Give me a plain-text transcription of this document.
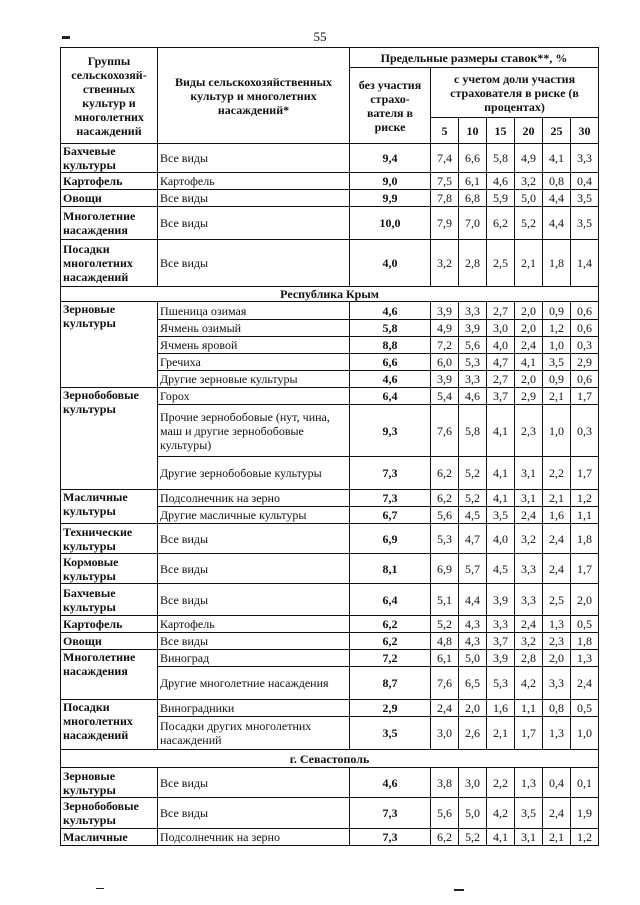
55
Группы сельскохозяй-ственных культур и многолетних насаждений	Виды сельскохозяйственных культур и многолетних насаждений*	Предельные размеры ставок**, %						
		без участия страхо-вателя в риске	с учетом доли участия страхователя в риске (в процентах)					
			5	10	15	20	25	30
Бахчевые культуры	Все виды	9,4	7,4	6,6	5,8	4,9	4,1	3,3
Картофель	Картофель	9,0	7,5	6,1	4,6	3,2	0,8	0,4
Овощи	Все виды	9,9	7,8	6,8	5,9	5,0	4,4	3,5
Многолетние насаждения	Все виды	10,0	7,9	7,0	6,2	5,2	4,4	3,5
Посадки многолетних насаждений	Все виды	4,0	3,2	2,8	2,5	2,1	1,8	1,4
Республика Крым								
Зерновые культуры	Пшеница озимая	4,6	3,9	3,3	2,7	2,0	0,9	0,6
	Ячмень озимый	5,8	4,9	3,9	3,0	2,0	1,2	0,6
	Ячмень яровой	8,8	7,2	5,6	4,0	2,4	1,0	0,3
	Гречиха	6,6	6,0	5,3	4,7	4,1	3,5	2,9
	Другие зерновые культуры	4,6	3,9	3,3	2,7	2,0	0,9	0,6
Зернобобовые культуры	Горох	6,4	5,4	4,6	3,7	2,9	2,1	1,7
	Прочие зернобобовые (нут, чина, маш и другие зернобобовые культуры)	9,3	7,6	5,8	4,1	2,3	1,0	0,3
	Другие зернобобовые культуры	7,3	6,2	5,2	4,1	3,1	2,2	1,7
Масличные культуры	Подсолнечник на зерно	7,3	6,2	5,2	4,1	3,1	2,1	1,2
	Другие масличные культуры	6,7	5,6	4,5	3,5	2,4	1,6	1,1
Технические культуры	Все виды	6,9	5,3	4,7	4,0	3,2	2,4	1,8
Кормовые культуры	Все виды	8,1	6,9	5,7	4,5	3,3	2,4	1,7
Бахчевые культуры	Все виды	6,4	5,1	4,4	3,9	3,3	2,5	2,0
Картофель	Картофель	6,2	5,2	4,3	3,3	2,4	1,3	0,5
Овощи	Все виды	6,2	4,8	4,3	3,7	3,2	2,3	1,8
Многолетние насаждения	Виноград	7,2	6,1	5,0	3,9	2,8	2,0	1,3
	Другие многолетние насаждения	8,7	7,6	6,5	5,3	4,2	3,3	2,4
Посадки многолетних насаждений	Виноградники	2,9	2,4	2,0	1,6	1,1	0,8	0,5
	Посадки других многолетних насаждений	3,5	3,0	2,6	2,1	1,7	1,3	1,0
г. Севастополь								
Зерновые культуры	Все виды	4,6	3,8	3,0	2,2	1,3	0,4	0,1
Зернобобовые культуры	Все виды	7,3	5,6	5,0	4,2	3,5	2,4	1,9
Масличные	Подсолнечник на зерно	7,3	6,2	5,2	4,1	3,1	2,1	1,2
